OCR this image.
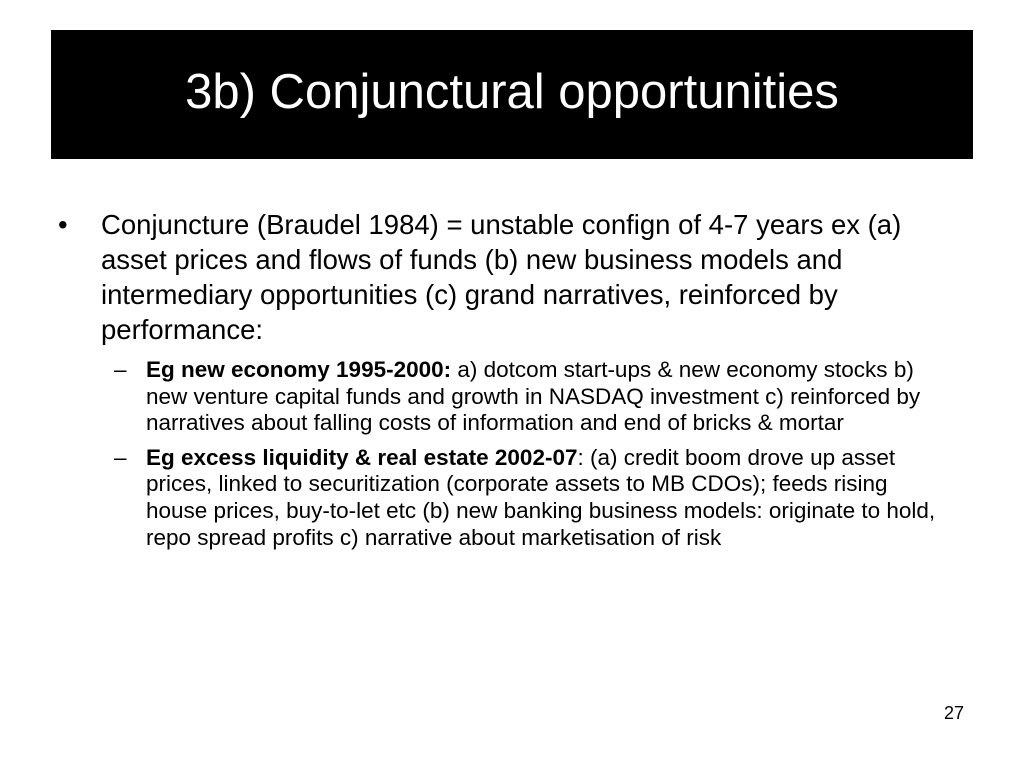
3b) Conjunctural opportunities
• Conjuncture (Braudel 1984) = unstable confign of 4-7 years ex (a) asset prices and flows of funds (b) new business models and intermediary opportunities (c) grand narratives, reinforced by performance:
– Eg new economy 1995-2000: a) dotcom start-ups & new economy stocks b) new venture capital funds and growth in NASDAQ investment c) reinforced by narratives about falling costs of information and end of bricks & mortar
– Eg excess liquidity & real estate 2002-07: (a) credit boom drove up asset prices, linked to securitization (corporate assets to MB CDOs); feeds rising house prices, buy-to-let etc (b) new banking business models: originate to hold, repo spread profits c) narrative about marketisation of risk
27
